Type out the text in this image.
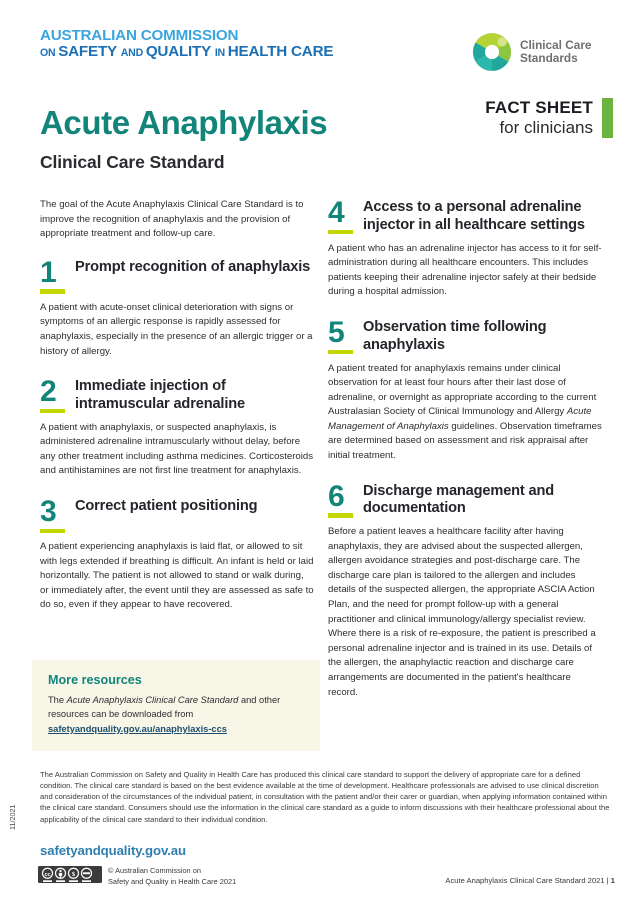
AUSTRALIAN COMMISSION
ON SAFETY AND QUALITY IN HEALTH CARE	Clinical Care
Standards
Acute Anaphylaxis
Clinical Care Standard
FACT SHEET
for clinicians

The goal of the Acute Anaphylaxis Clinical Care Standard is to improve the recognition of anaphylaxis and the provision of appropriate treatment and follow-up care.

1	Prompt recognition of anaphylaxis

A patient with acute-onset clinical deterioration with signs or symptoms of an allergic response is rapidly assessed for anaphylaxis, especially in the presence of an allergic trigger or a history of allergy.

2	Immediate injection of intramuscular adrenaline

A patient with anaphylaxis, or suspected anaphylaxis, is administered adrenaline intramuscularly without delay, before any other treatment including asthma medicines. Corticosteroids and antihistamines are not first line treatment for anaphylaxis.

3	Correct patient positioning

A patient experiencing anaphylaxis is laid flat, or allowed to sit with legs extended if breathing is difficult. An infant is held or laid horizontally. The patient is not allowed to stand or walk during, or immediately after, the event until they are assessed as safe to do so, even if they appear to have recovered.

4	Access to a personal adrenaline injector in all healthcare settings

A patient who has an adrenaline injector has access to it for self-administration during all healthcare encounters. This includes patients keeping their adrenaline injector safely at their bedside during a hospital admission.

5	Observation time following anaphylaxis

A patient treated for anaphylaxis remains under clinical observation for at least four hours after their last dose of adrenaline, or overnight as appropriate according to the current Australasian Society of Clinical Immunology and Allergy Acute Management of Anaphylaxis guidelines. Observation timeframes are determined based on assessment and risk appraisal after initial treatment.

6	Discharge management and documentation

Before a patient leaves a healthcare facility after having anaphylaxis, they are advised about the suspected allergen, allergen avoidance strategies and post-discharge care. The discharge care plan is tailored to the allergen and includes details of the suspected allergen, the appropriate ASCIA Action Plan, and the need for prompt follow-up with a general practitioner and clinical immunology/allergy specialist review. Where there is a risk of re-exposure, the patient is prescribed a personal adrenaline injector and is trained in its use. Details of the allergen, the anaphylactic reaction and discharge care arrangements are documented in the patient's healthcare record.

More resources

The Acute Anaphylaxis Clinical Care Standard and other resources can be downloaded from
safetyandquality.gov.au/anaphylaxis-ccs

The Australian Commission on Safety and Quality in Health Care has produced this clinical care standard to support the delivery of appropriate care for a defined condition. The clinical care standard is based on the best evidence available at the time of development. Healthcare professionals are advised to use clinical discretion and consideration of the circumstances of the individual patient, in consultation with the patient and/or their carer or guardian, when applying information contained within the clinical care standard. Consumers should use the information in the clinical care standard as a guide to inform discussions with their healthcare professional about the applicability of the clinical care standard to their individual condition.

safetyandquality.gov.au
cc $	© Australian Commission on
Safety and Quality in Health Care 2021	Acute Anaphylaxis Clinical Care Standard 2021 | 1
11/2021
